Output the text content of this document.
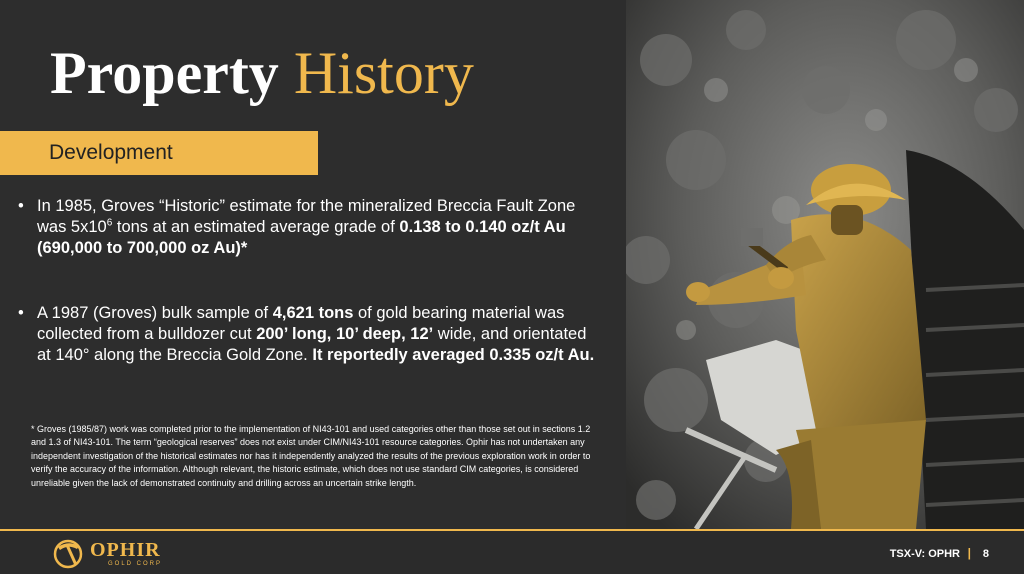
Property History
Development
• In 1985, Groves “Historic” estimate for the mineralized Breccia Fault Zone was $5x10^6$ tons at an estimated average grade of 0.138 to 0.140 oz/t Au (690,000 to 700,000 oz Au)*
• A 1987 (Groves) bulk sample of 4,621 tons of gold bearing material was collected from a bulldozer cut 200’ long, 10’ deep, 12’ wide, and orientated at 140° along the Breccia Gold Zone. It reportedly averaged 0.335 oz/t Au.

* Groves (1985/87) work was completed prior to the implementation of NI43-101 and used categories other than those set out in sections 1.2 and 1.3 of NI43-101. The term “geological reserves” does not exist under CIM/NI43-101 resource categories. Ophir has not undertaken any independent investigation of the historical estimates nor has it independently analyzed the results of the previous exploration work in order to verify the accuracy of the information. Although relevant, the historic estimate, which does not use standard CIM categories, is considered unreliable given the lack of demonstrated continuity and drilling across an uncertain strike length.

OPHIR
GOLD CORP
TSX-V: OPHR | 8
